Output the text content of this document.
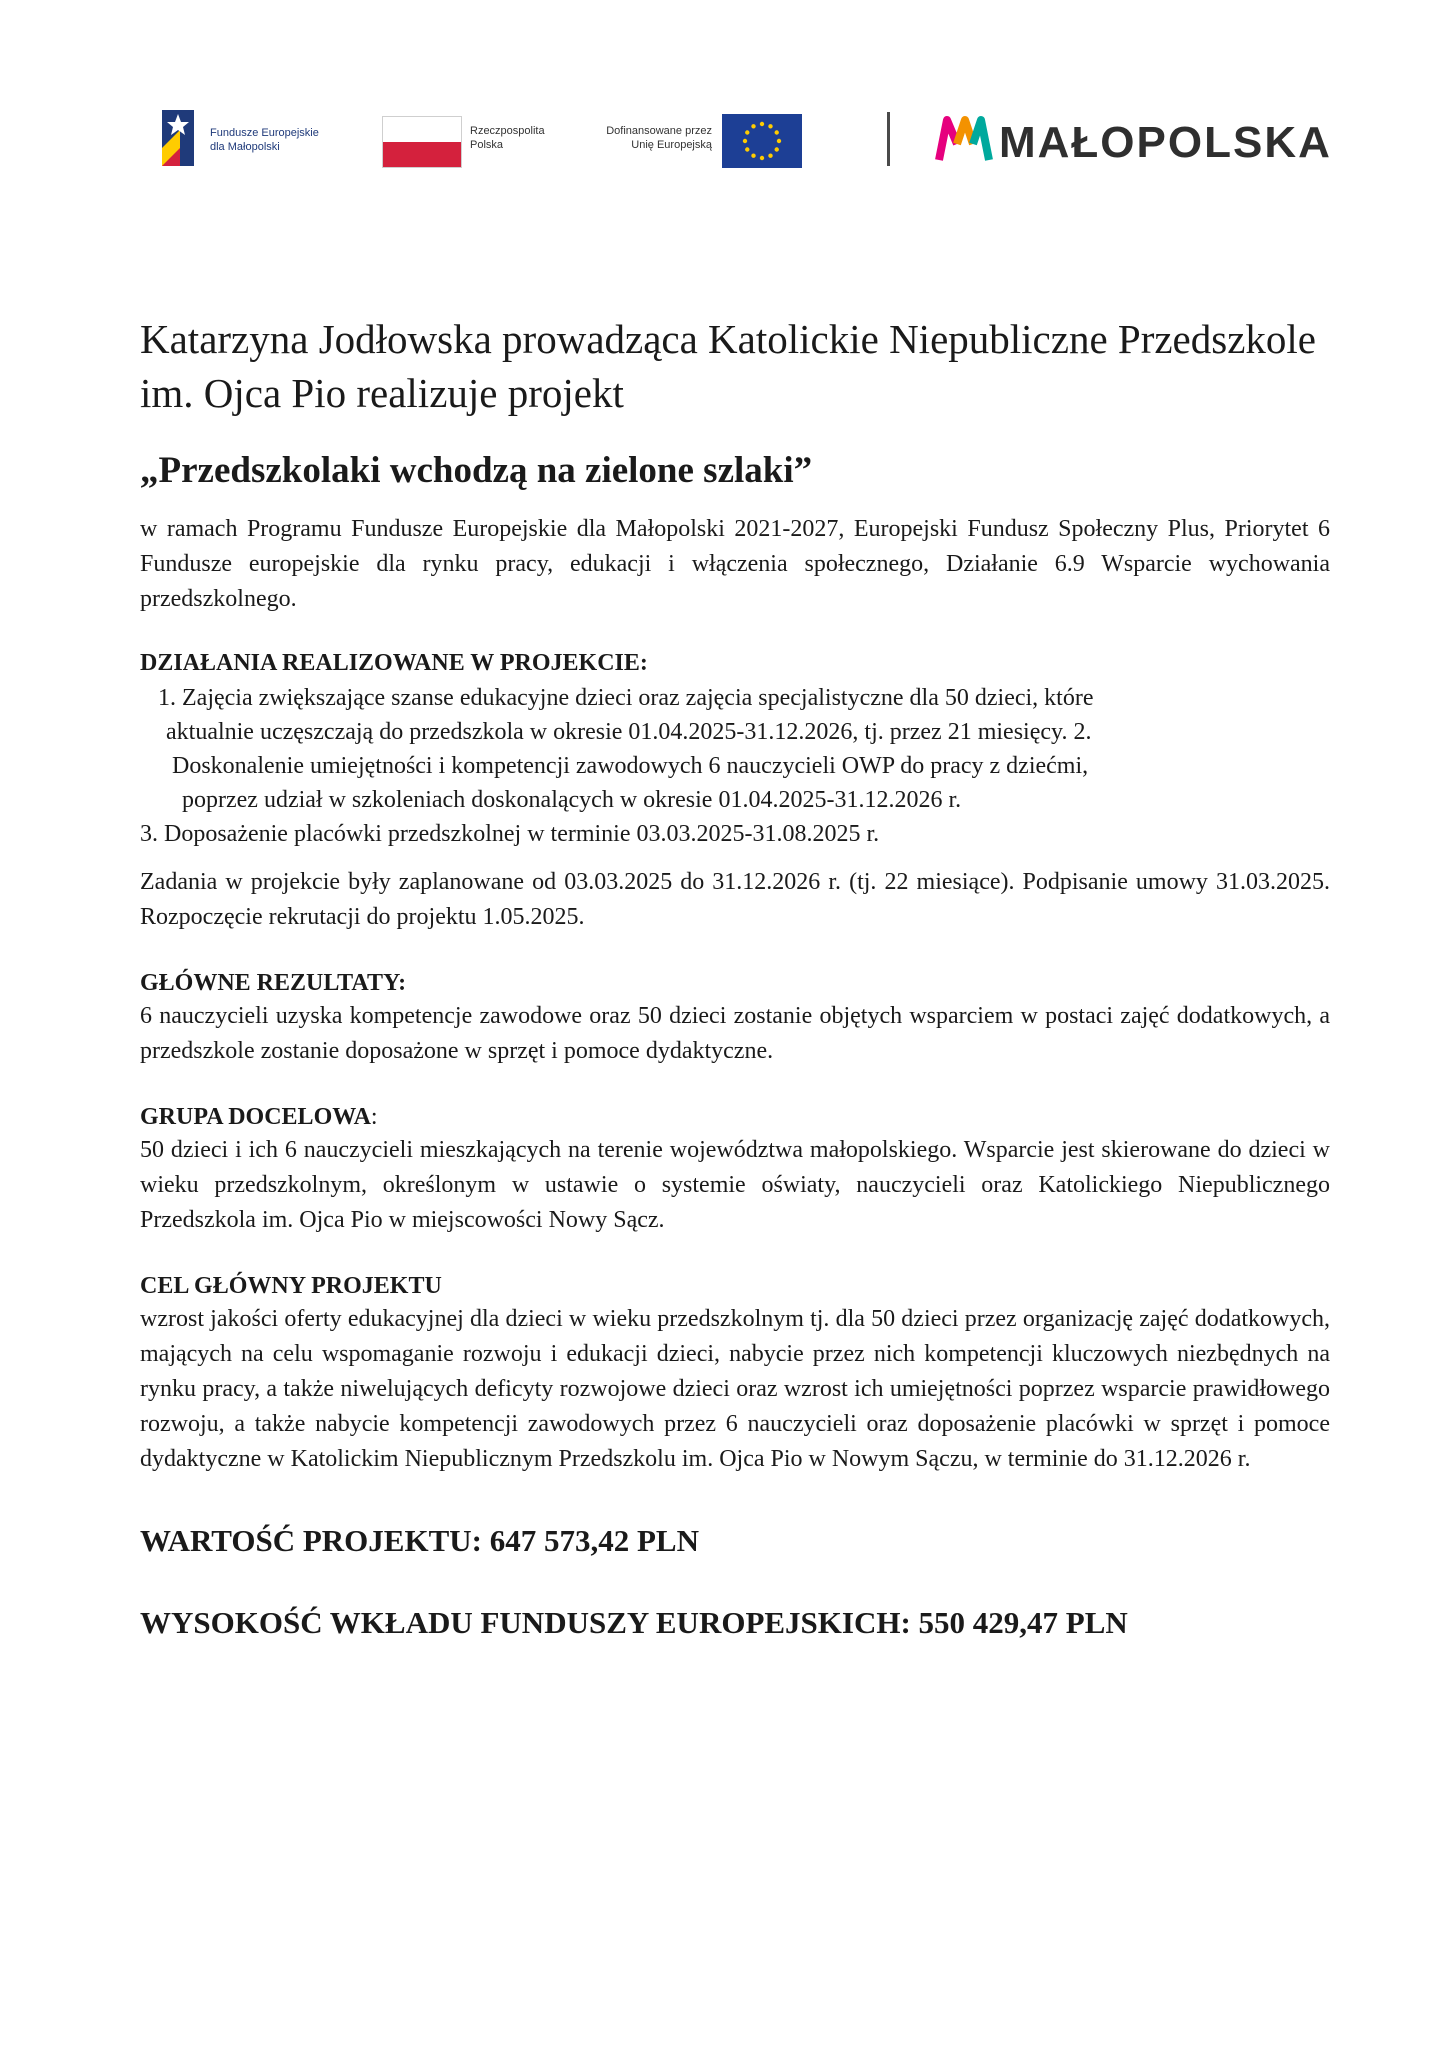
Fundusze Europejskie
dla Małopolski
Rzeczpospolita
Polska
Dofinansowane przez
Unię Europejską	MAŁOPOLSKA

Katarzyna Jodłowska prowadząca Katolickie Niepubliczne Przedszkole im. Ojca Pio realizuje projekt

„Przedszkolaki wchodzą na zielone szlaki”

w ramach Programu Fundusze Europejskie dla Małopolski 2021-2027, Europejski Fundusz Społeczny Plus, Priorytet 6 Fundusze europejskie dla rynku pracy, edukacji i włączenia społecznego, Działanie 6.9 Wsparcie wychowania przedszkolnego.

DZIAŁANIA REALIZOWANE W PROJEKCIE:

1. Zajęcia zwiększające szanse edukacyjne dzieci oraz zajęcia specjalistyczne dla 50 dzieci, które
aktualnie uczęszczają do przedszkola w okresie 01.04.2025-31.12.2026, tj. przez 21 miesięcy. 2.
Doskonalenie umiejętności i kompetencji zawodowych 6 nauczycieli OWP do pracy z dziećmi,
poprzez udział w szkoleniach doskonalących w okresie 01.04.2025-31.12.2026 r.
3. Doposażenie placówki przedszkolnej w terminie 03.03.2025-31.08.2025 r.

Zadania w projekcie były zaplanowane od 03.03.2025 do 31.12.2026 r. (tj. 22 miesiące). Podpisanie umowy 31.03.2025. Rozpoczęcie rekrutacji do projektu 1.05.2025.

GŁÓWNE REZULTATY:

6 nauczycieli uzyska kompetencje zawodowe oraz 50 dzieci zostanie objętych wsparciem w postaci zajęć dodatkowych, a przedszkole zostanie doposażone w sprzęt i pomoce dydaktyczne.

GRUPA DOCELOWA:

50 dzieci i ich 6 nauczycieli mieszkających na terenie województwa małopolskiego. Wsparcie jest skierowane do dzieci w wieku przedszkolnym, określonym w ustawie o systemie oświaty, nauczycieli oraz Katolickiego Niepublicznego Przedszkola im. Ojca Pio w miejscowości Nowy Sącz.

CEL GŁÓWNY PROJEKTU

wzrost jakości oferty edukacyjnej dla dzieci w wieku przedszkolnym tj. dla 50 dzieci przez organizację zajęć dodatkowych, mających na celu wspomaganie rozwoju i edukacji dzieci, nabycie przez nich kompetencji kluczowych niezbędnych na rynku pracy, a także niwelujących deficyty rozwojowe dzieci oraz wzrost ich umiejętności poprzez wsparcie prawidłowego rozwoju, a także nabycie kompetencji zawodowych przez 6 nauczycieli oraz doposażenie placówki w sprzęt i pomoce dydaktyczne w Katolickim Niepublicznym Przedszkolu im. Ojca Pio w Nowym Sączu, w terminie do 31.12.2026 r.

WARTOŚĆ PROJEKTU: 647 573,42 PLN

WYSOKOŚĆ WKŁADU FUNDUSZY EUROPEJSKICH: 550 429,47 PLN
